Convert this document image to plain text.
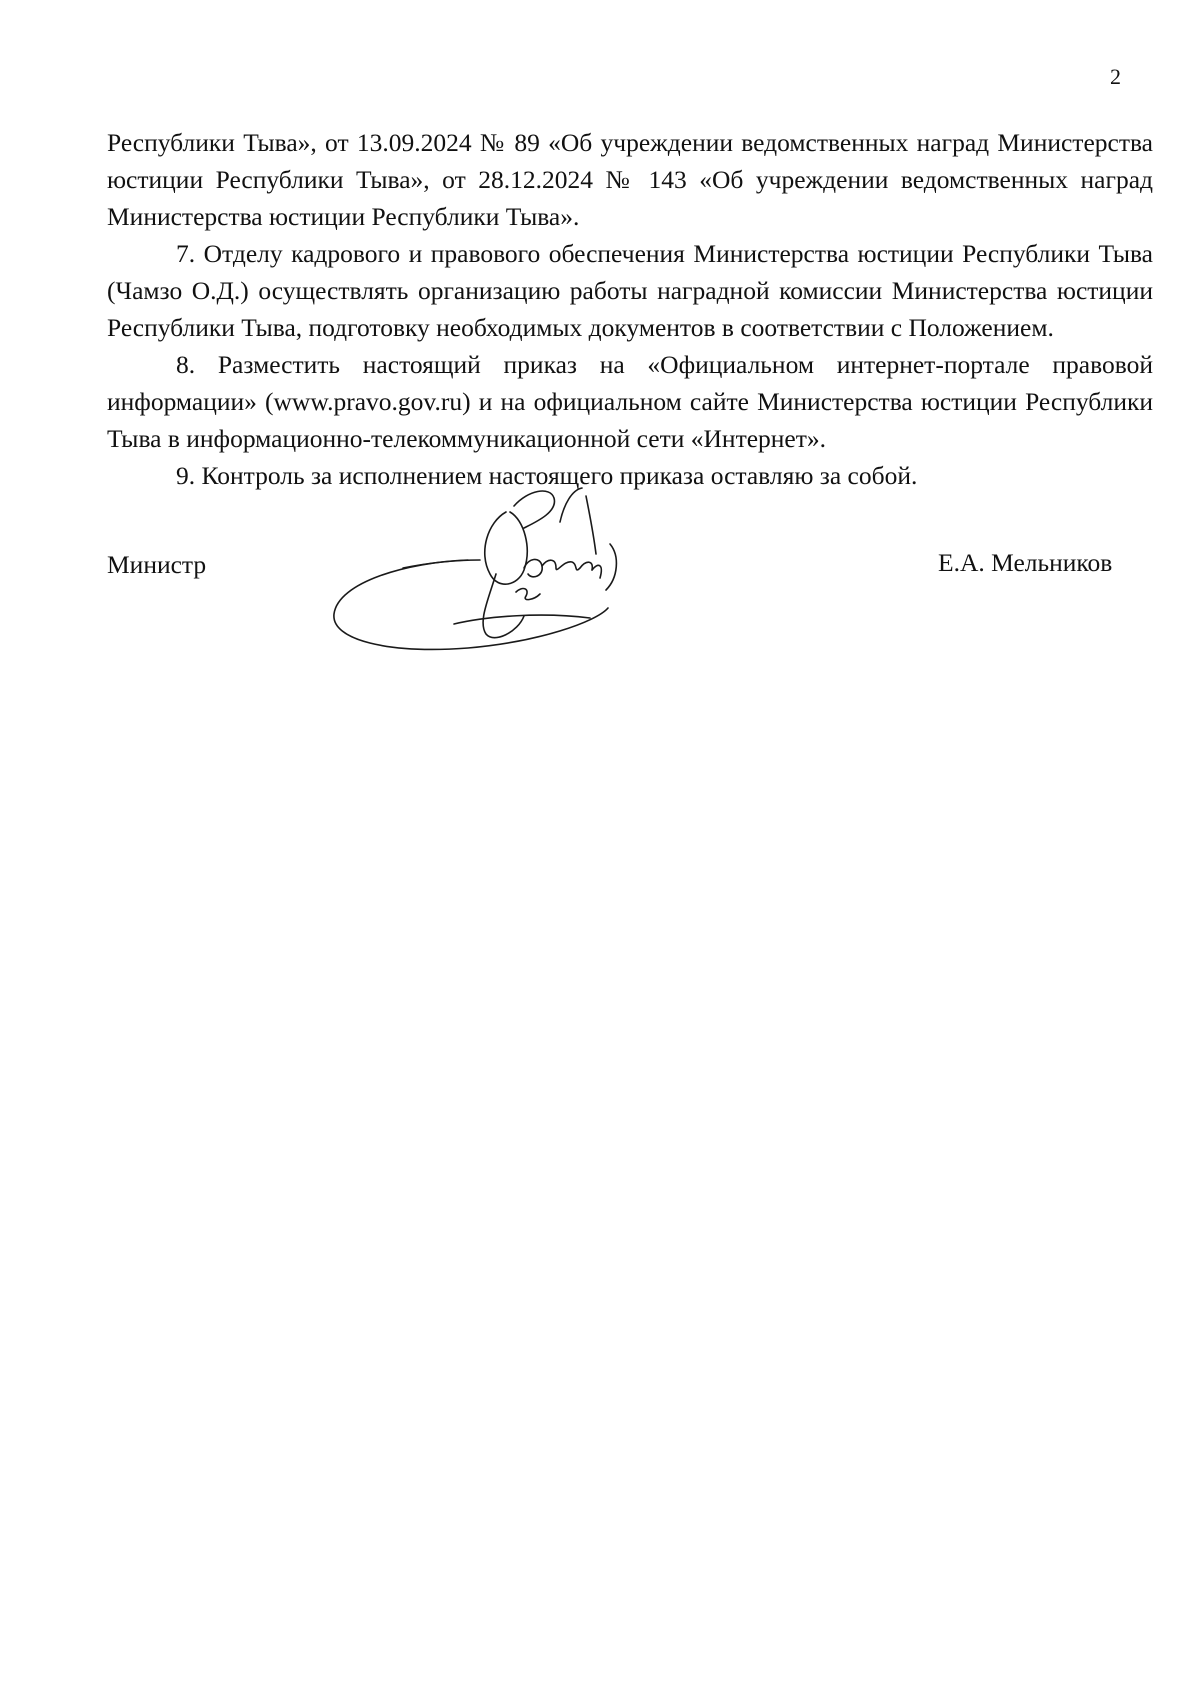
2

Республики Тыва», от 13.09.2024 № 89 «Об учреждении ведомственных наград Министерства юстиции Республики Тыва», от 28.12.2024 № 143 «Об учреждении ведомственных наград Министерства юстиции Республики Тыва».

7. Отделу кадрового и правового обеспечения Министерства юстиции Республики Тыва (Чамзо О.Д.) осуществлять организацию работы наградной комиссии Министерства юстиции Республики Тыва, подготовку необходимых документов в соответствии с Положением.

8. Разместить настоящий приказ на «Официальном интернет-портале правовой информации» (www.pravo.gov.ru) и на официальном сайте Министерства юстиции Республики Тыва в информационно-телекоммуникационной сети «Интернет».

9. Контроль за исполнением настоящего приказа оставляю за собой.

Министр	Е.А. Мельников
